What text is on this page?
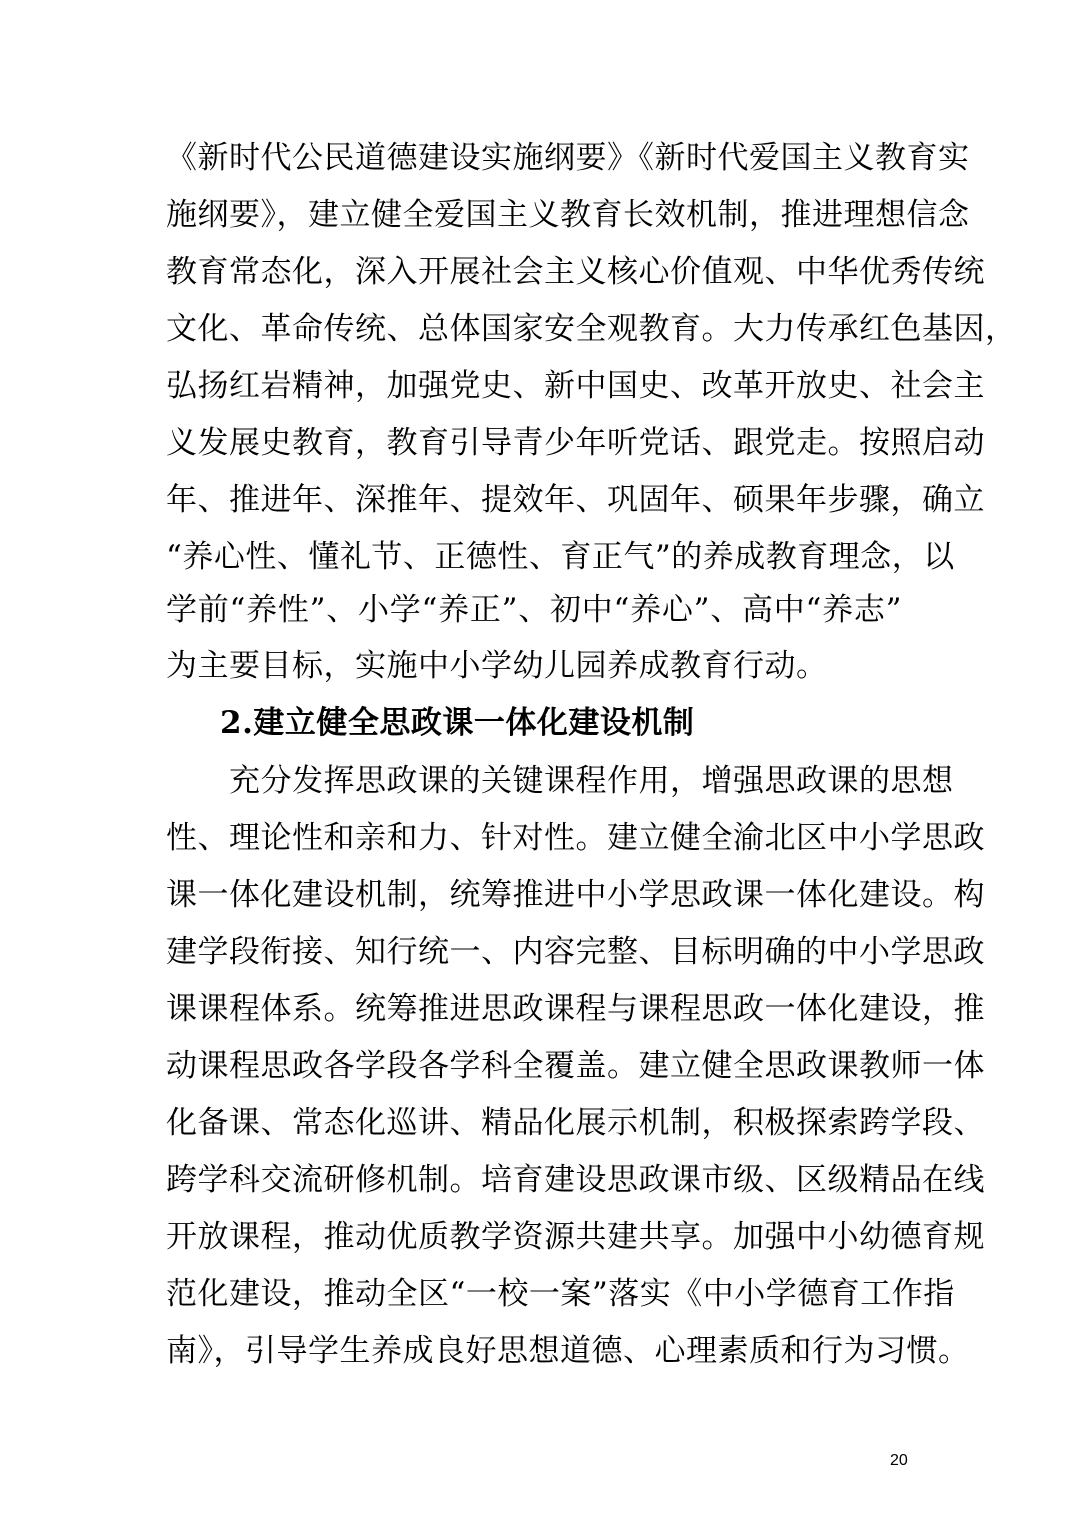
《新时代公民道德建设实施纲要》《新时代爱国主义教育实
施纲要》，建立健全爱国主义教育长效机制，推进理想信念
教育常态化，深入开展社会主义核心价值观、中华优秀传统
文化、革命传统、总体国家安全观教育。大力传承红色基因，
弘扬红岩精神，加强党史、新中国史、改革开放史、社会主
义发展史教育，教育引导青少年听党话、跟党走。按照启动
年、推进年、深推年、提效年、巩固年、硕果年步骤，确立
“养心性、懂礼节、正德性、育正气”的养成教育理念，以
学前“养性”、小学“养正”、初中“养心”、高中“养志”
为主要目标，实施中小学幼儿园养成教育行动。
2.建立健全思政课一体化建设机制
　　充分发挥思政课的关键课程作用，增强思政课的思想
性、理论性和亲和力、针对性。建立健全渝北区中小学思政
课一体化建设机制，统筹推进中小学思政课一体化建设。构
建学段衔接、知行统一、内容完整、目标明确的中小学思政
课课程体系。统筹推进思政课程与课程思政一体化建设，推
动课程思政各学段各学科全覆盖。建立健全思政课教师一体
化备课、常态化巡讲、精品化展示机制，积极探索跨学段、
跨学科交流研修机制。培育建设思政课市级、区级精品在线
开放课程，推动优质教学资源共建共享。加强中小幼德育规
范化建设，推动全区“一校一案”落实《中小学德育工作指
南》，引导学生养成良好思想道德、心理素质和行为习惯。
20
